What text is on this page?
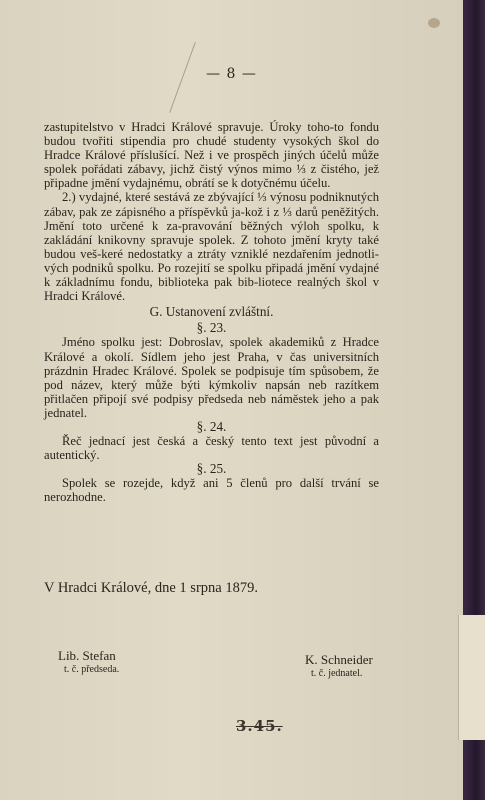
— 8 —

zastupitelstvo v Hradci Králové spravuje. Úroky toho-to fondu budou tvořiti stipendia pro chudé studenty vysokých škol do Hradce Králové příslušící. Než i ve prospěch jiných účelů může spolek pořádati zábavy, jichž čistý výnos mimo ⅓ z čistého, jež připadne jmění vydajnému, obrátí se k dotyčnému účelu.

2.) vydajné, které sestává ze zbývající ⅓ výnosu podniknutých zábav, pak ze zápisného a příspěvků ja-kož i z ⅓ darů peněžitých. Jmění toto určené k za-pravování běžných výloh spolku, k zakládání knikovny spravuje spolek. Z tohoto jmění kryty také budou veš-keré nedostatky a ztráty vzniklé nezdařením jednotli-vých podniků spolku. Po rozejití se spolku připadá jmění vydajné k základnímu fondu, biblioteka pak bib-liotece realných škol v Hradci Králové.

G. Ustanovení zvláštní.

§. 23.

Jméno spolku jest: Dobroslav, spolek akademiků z Hradce Králové a okolí. Sídlem jeho jest Praha, v čas universitních prázdnin Hradec Králové. Spolek se podpisuje tím spůsobem, že pod název, který může býti kýmkoliv napsán neb razítkem přitlačen připojí své podpisy předseda neb náměstek jeho a pak jednatel.

§. 24.

Řeč jednací jest česká a český tento text jest původní a autentický.

§. 25.

Spolek se rozejde, když ani 5 členů pro další trvání se nerozhodne.

V Hradci Králové, dne 1 srpna 1879.
Lib. Stefan
t. č. předseda.
K. Schneider
t. č. jednatel.
3.45.
